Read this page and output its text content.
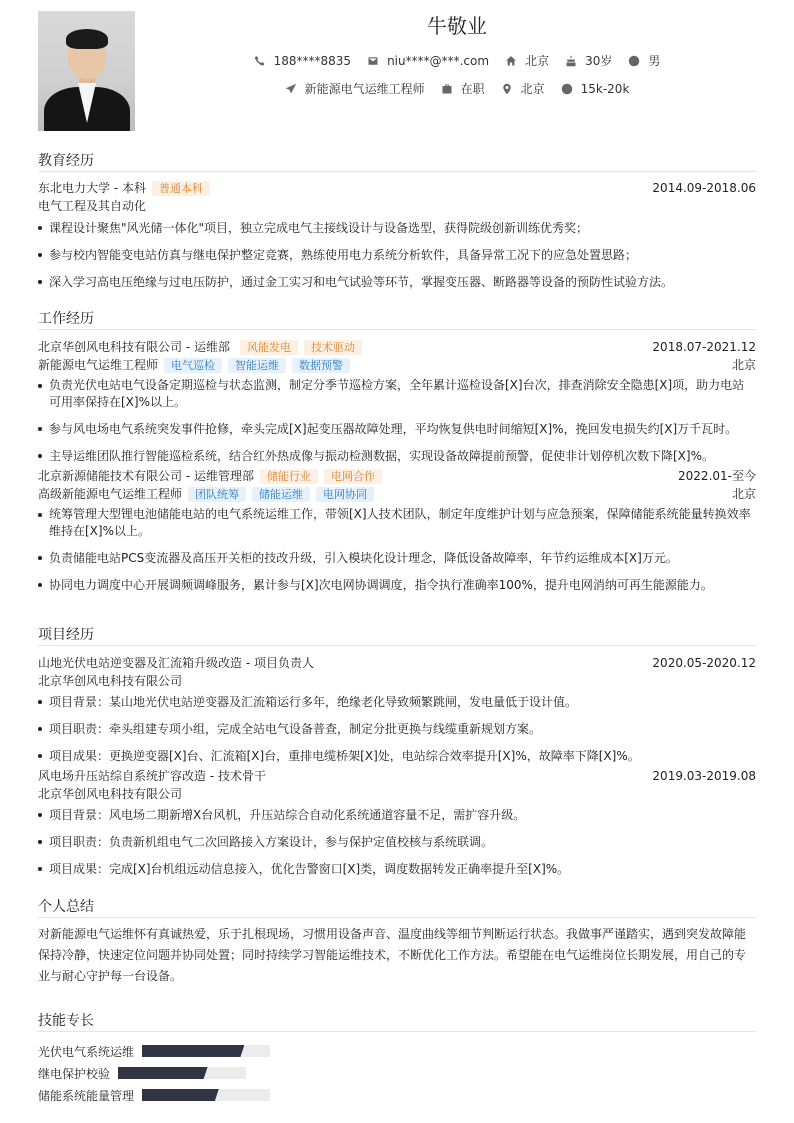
牛敬业
188****8835	niu****@***.com	北京	30岁	男
新能源电气运维工程师	在职	北京	15k-20k
教育经历
东北电力大学 - 本科	普通本科	2014.09-2018.06
电气工程及其自动化
课程设计聚焦"风光储一体化"项目，独立完成电气主接线设计与设备选型，获得院级创新训练优秀奖；
参与校内智能变电站仿真与继电保护整定竞赛，熟练使用电力系统分析软件，具备异常工况下的应急处置思路；
深入学习高电压绝缘与过电压防护，通过金工实习和电气试验等环节，掌握变压器、断路器等设备的预防性试验方法。
工作经历
北京华创风电科技有限公司 - 运维部	风能发电	技术驱动	2018.07-2021.12
新能源电气运维工程师	电气巡检	智能运维	数据预警	北京
负责光伏电站电气设备定期巡检与状态监测，制定分季节巡检方案，全年累计巡检设备[X]台次，排查消除安全隐患[X]项，助力电站可用率保持在[X]%以上。
参与风电场电气系统突发事件抢修，牵头完成[X]起变压器故障处理，平均恢复供电时间缩短[X]%，挽回发电损失约[X]万千瓦时。
主导运维团队推行智能巡检系统，结合红外热成像与振动检测数据，实现设备故障提前预警，促使非计划停机次数下降[X]%。
北京新源储能技术有限公司 - 运维管理部	储能行业	电网合作	2022.01-至今
高级新能源电气运维工程师	团队统筹	储能运维	电网协同	北京
统筹管理大型锂电池储能电站的电气系统运维工作，带领[X]人技术团队，制定年度维护计划与应急预案，保障储能系统能量转换效率维持在[X]%以上。
负责储能电站PCS变流器及高压开关柜的技改升级，引入模块化设计理念，降低设备故障率，年节约运维成本[X]万元。
协同电力调度中心开展调频调峰服务，累计参与[X]次电网协调调度，指令执行准确率100%，提升电网消纳可再生能源能力。
项目经历
山地光伏电站逆变器及汇流箱升级改造 - 项目负责人	2020.05-2020.12
北京华创风电科技有限公司
项目背景：某山地光伏电站逆变器及汇流箱运行多年，绝缘老化导致频繁跳闸，发电量低于设计值。
项目职责：牵头组建专项小组，完成全站电气设备普查，制定分批更换与线缆重新规划方案。
项目成果：更换逆变器[X]台、汇流箱[X]台，重排电缆桥架[X]处，电站综合效率提升[X]%，故障率下降[X]%。
风电场升压站综自系统扩容改造 - 技术骨干	2019.03-2019.08
北京华创风电科技有限公司
项目背景：风电场二期新增X台风机，升压站综合自动化系统通道容量不足，需扩容升级。
项目职责：负责新机组电气二次回路接入方案设计，参与保护定值校核与系统联调。
项目成果：完成[X]台机组远动信息接入，优化告警窗口[X]类，调度数据转发正确率提升至[X]%。
个人总结
对新能源电气运维怀有真诚热爱，乐于扎根现场，习惯用设备声音、温度曲线等细节判断运行状态。我做事严谨踏实，遇到突发故障能保持冷静，快速定位问题并协同处置；同时持续学习智能运维技术，不断优化工作方法。希望能在电气运维岗位长期发展，用自己的专业与耐心守护每一台设备。
技能专长
光伏电气系统运维
继电保护校验
储能系统能量管理
